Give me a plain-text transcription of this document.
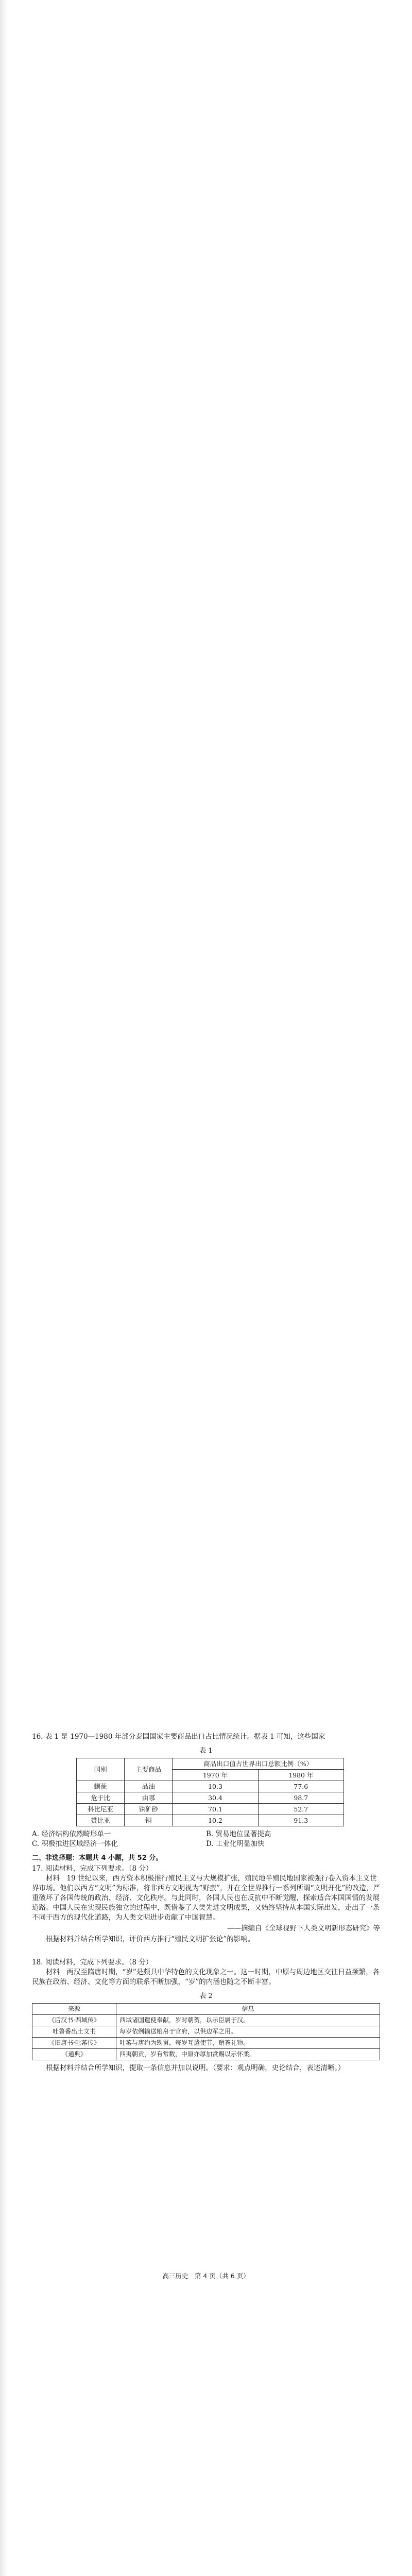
16. 表 1 是 1970—1980 年部分泰国国家主要商品出口占比情况统计。据表 1 可知，这些国家

表 1
国别	主要商品	商品出口值占世界出口总额比例（%）	
		1970 年	1980 年
蜊蔗	品油	10.3	77.6
危于比	由哪	30.4	98.7
科比尼亚	铢矿砂	70.1	52.7
赞比亚	铜	10.2	91.3
A. 经济结构依然畸形单一	B. 贸易地位显著提高
C. 积极推进区域经济一体化	D. 工业化明显加快
二、非选择题：本题共 4 小题，共 52 分。

17. 阅读材料，完成下列要求。（8 分）

材料　19 世纪以来，西方资本积极推行殖民主义与大规模扩张，殖民地半殖民地国家被强行卷入资本主义世界市场。他们以西方“文明”为标准，将非西方文明视为“野蛮”，并在全世界推行一系列所谓“文明开化”的改造，严重破坏了各国传统的政治、经济、文化秩序。与此同时，各国人民也在反抗中不断觉醒，探索适合本国国情的发展道路。中国人民在实现民族独立的过程中，既借鉴了人类先进文明成果，又始终坚持从本国实际出发，走出了一条不同于西方的现代化道路，为人类文明进步贡献了中国智慧。

——摘编自《全球视野下人类文明新形态研究》等

根据材料并结合所学知识，评价西方推行“殖民文明扩张论”的影响。

18. 阅读材料，完成下列要求。（8 分）

材料　两汉至隋唐时期，“岁”是颇具中华特色的文化现象之一。这一时期，中原与周边地区交往日益频繁，各民族在政治、经济、文化等方面的联系不断加强，“岁”的内涵也随之不断丰富。

表 2
来源	信息
《后汉书·西域传》	西域诸国遣使奉献，岁时朝贺，以示臣属于汉。
吐鲁番出土文书	每岁依例输送粮帛于官府，以供边军之用。
《旧唐书·吐蕃传》	吐蕃与唐约为甥舅，每岁互遣使节，赠答礼物。
《通典》	四夷朝贡，岁有常数，中原亦厚加赏赐以示怀柔。

根据材料并结合所学知识，提取一条信息并加以说明。（要求：观点明确，史论结合，表述清晰。）

高三历史　第 4 页（共 6 页）
